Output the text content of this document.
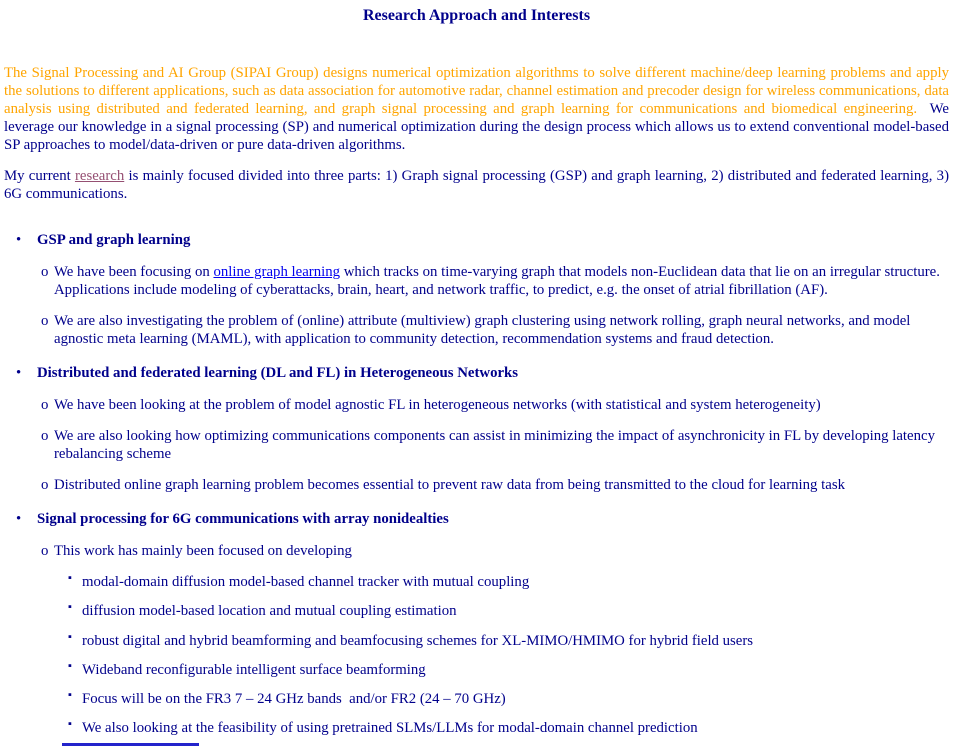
Research Approach and Interests

The Signal Processing and AI Group (SIPAI Group) designs numerical optimization algorithms to solve different machine/deep learning problems and apply the solutions to different applications, such as data association for automotive radar, channel estimation and precoder design for wireless communications, data analysis using distributed and federated learning, and graph signal processing and graph learning for communications and biomedical engineering.  We leverage our knowledge in a signal processing (SP) and numerical optimization during the design process which allows us to extend conventional model-based SP approaches to model/data-driven or pure data-driven algorithms.

My current research is mainly focused divided into three parts: 1) Graph signal processing (GSP) and graph learning, 2) distributed and federated learning, 3) 6G communications.

• GSP and graph learning
o We have been focusing on online graph learning which tracks on time-varying graph that models non-Euclidean data that lie on an irregular structure. Applications include modeling of cyberattacks, brain, heart, and network traffic, to predict, e.g. the onset of atrial fibrillation (AF).
o We are also investigating the problem of (online) attribute (multiview) graph clustering using network rolling, graph neural networks, and model agnostic meta learning (MAML), with application to community detection, recommendation systems and fraud detection.
• Distributed and federated learning (DL and FL) in Heterogeneous Networks
o We have been looking at the problem of model agnostic FL in heterogeneous networks (with statistical and system heterogeneity)
o We are also looking how optimizing communications components can assist in minimizing the impact of asynchronicity in FL by developing latency rebalancing scheme
o Distributed online graph learning problem becomes essential to prevent raw data from being transmitted to the cloud for learning task
• Signal processing for 6G communications with array nonidealties
o This work has mainly been focused on developing
▪ modal-domain diffusion model-based channel tracker with mutual coupling
▪ diffusion model-based location and mutual coupling estimation
▪ robust digital and hybrid beamforming and beamfocusing schemes for XL-MIMO/HMIMO for hybrid field users
▪ Wideband reconfigurable intelligent surface beamforming
▪ Focus will be on the FR3 7 – 24 GHz bands  and/or FR2 (24 – 70 GHz)
▪ We also looking at the feasibility of using pretrained SLMs/LLMs for modal-domain channel prediction
